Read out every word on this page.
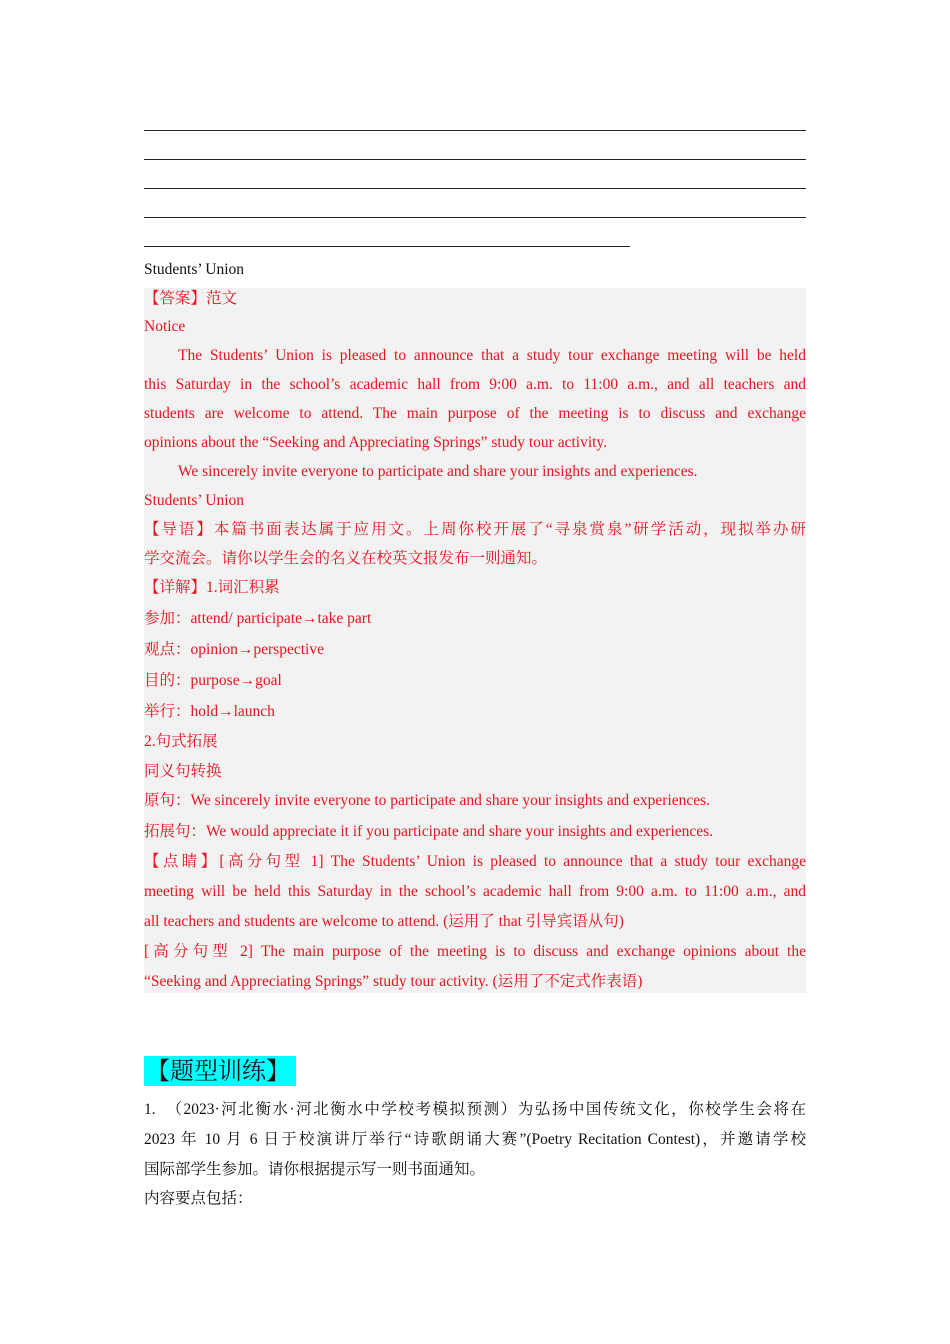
Students’ Union
【答案】范文
Notice
The Students’ Union is pleased to announce that a study tour exchange meeting will be held
this Saturday in the school’s academic hall from 9:00 a.m. to 11:00 a.m., and all teachers and
students are welcome to attend. The main purpose of the meeting is to discuss and exchange
opinions about the “Seeking and Appreciating Springs” study tour activity.
We sincerely invite everyone to participate and share your insights and experiences.
Students’ Union
【导语】本篇书面表达属于应用文。上周你校开展了“寻泉赏泉”研学活动，现拟举办研
学交流会。请你以学生会的名义在校英文报发布一则通知。
【详解】1.词汇积累
参加：attend/ participate→take part
观点：opinion→perspective
目的：purpose→goal
举行：hold→launch
2.句式拓展
同义句转换
原句：We sincerely invite everyone to participate and share your insights and experiences.
拓展句：We would appreciate it if you participate and share your insights and experiences.
【点睛】[高分句型 1] The Students’ Union is pleased to announce that a study tour exchange
meeting will be held this Saturday in the school’s academic hall from 9:00 a.m. to 11:00 a.m., and
all teachers and students are welcome to attend. (运用了 that 引导宾语从句)
[高分句型 2] The main purpose of the meeting is to discuss and exchange opinions about the
“Seeking and Appreciating Springs” study tour activity. (运用了不定式作表语)
【题型训练】
1.  （2023·河北衡水·河北衡水中学校考模拟预测）为弘扬中国传统文化，你校学生会将在
2023 年 10 月 6 日于校演讲厅举行“诗歌朗诵大赛”(Poetry Recitation Contest)，并邀请学校
国际部学生参加。请你根据提示写一则书面通知。
内容要点包括：
